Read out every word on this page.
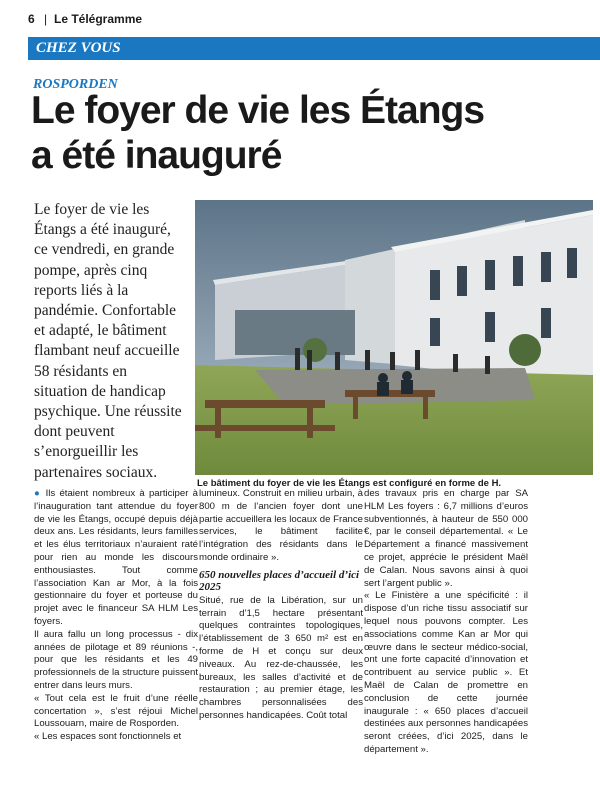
6 | Le Télégramme
CHEZ VOUS
ROSPORDEN
Le foyer de vie les Étangs
a été inauguré
Le foyer de vie les
Étangs a été inauguré,
ce vendredi, en grande
pompe, après cinq
reports liés à la
pandémie. Confortable
et adapté, le bâtiment
flambant neuf accueille
58 résidants en
situation de handicap
psychique. Une réussite
dont peuvent
s’enorgueillir les
partenaires sociaux.
Le bâtiment du foyer de vie les Étangs est configuré en forme de H.

● Ils étaient nombreux à participer à l’inauguration tant attendue du foyer de vie les Étangs, occupé depuis déjà deux ans. Les résidants, leurs familles et les élus territoriaux n’auraient raté pour rien au monde les discours enthousiastes. Tout comme l’association Kan ar Mor, à la fois gestionnaire du foyer et porteuse du projet avec le financeur SA HLM Les foyers.

Il aura fallu un long processus - dix années de pilotage et 89 réunions -, pour que les résidants et les 49 professionnels de la structure puissent entrer dans leurs murs.

« Tout cela est le fruit d’une réelle concertation », s’est réjoui Michel Loussouarn, maire de Rosporden.

« Les espaces sont fonctionnels et

lumineux. Construit en milieu urbain, à 800 m de l’ancien foyer dont une partie accueillera les locaux de France services, le bâtiment facilite l’intégration des résidants dans le monde ordinaire ».

650 nouvelles places d’accueil d’ici 2025

Situé, rue de la Libération, sur un terrain d’1,5 hectare présentant quelques contraintes topologiques, l’établissement de 3 650 m² est en forme de H et conçu sur deux niveaux. Au rez-de-chaussée, les bureaux, les salles d’activité et de restauration ; au premier étage, les chambres personnalisées des personnes handicapées. Coût total

des travaux pris en charge par SA HLM Les foyers : 6,7 millions d’euros subventionnés, à hauteur de 550 000 €, par le conseil départemental. « Le Département a financé massivement ce projet, apprécie le président Maël de Calan. Nous savons ainsi à quoi sert l’argent public ».

« Le Finistère a une spécificité : il dispose d’un riche tissu associatif sur lequel nous pouvons compter. Les associations comme Kan ar Mor qui œuvre dans le secteur médico-social, ont une forte capacité d’innovation et contribuent au service public ». Et Maël de Calan de promettre en conclusion de cette journée inaugurale : « 650 places d’accueil destinées aux personnes handicapées seront créées, d’ici 2025, dans le département ».
